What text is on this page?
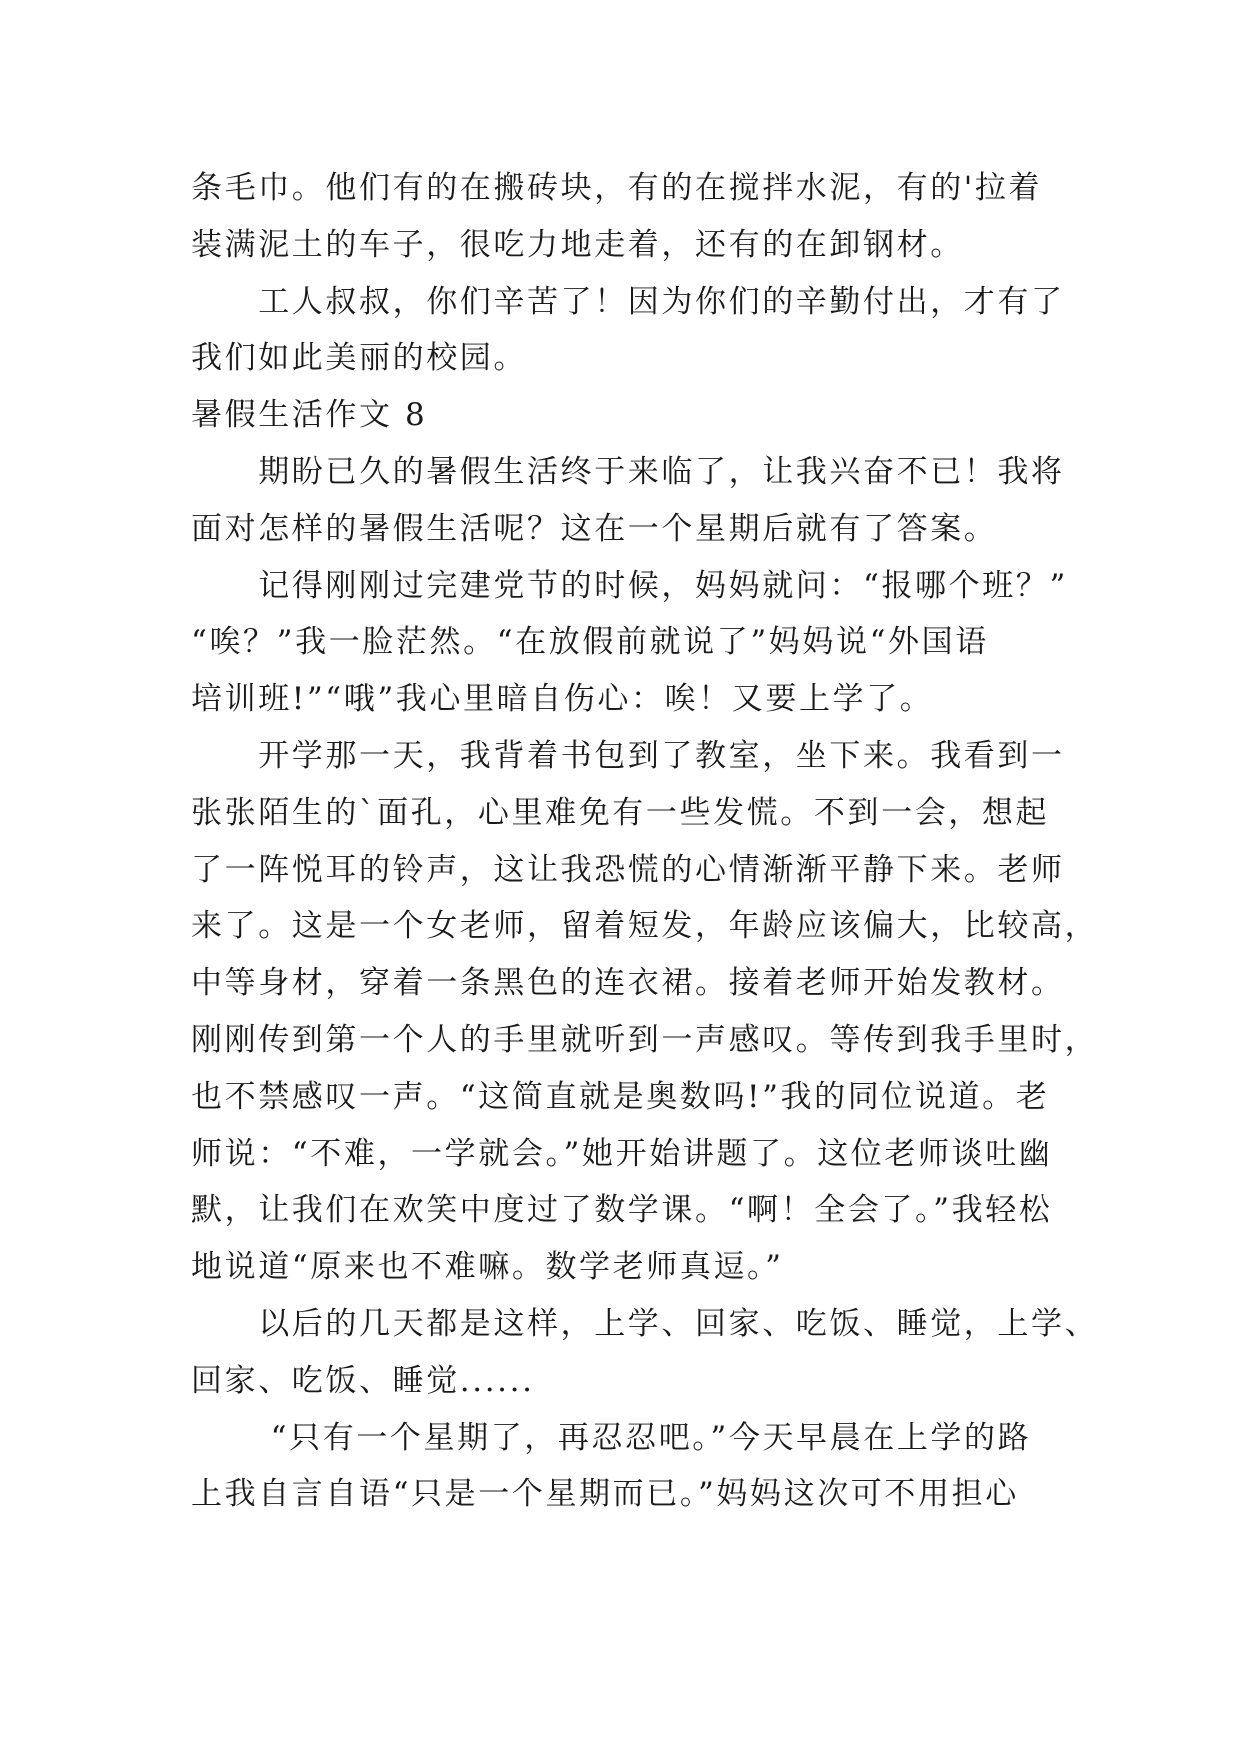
条毛巾。他们有的在搬砖块，有的在搅拌水泥，有的'拉着
装满泥土的车子，很吃力地走着，还有的在卸钢材。
　　工人叔叔，你们辛苦了！因为你们的辛勤付出，才有了
我们如此美丽的校园。
暑假生活作文 8
　　期盼已久的暑假生活终于来临了，让我兴奋不已！我将
面对怎样的暑假生活呢？这在一个星期后就有了答案。
　　记得刚刚过完建党节的时候，妈妈就问：“报哪个班？”
“唉？”我一脸茫然。“在放假前就说了”妈妈说“外国语
培训班!”“哦”我心里暗自伤心：唉！又要上学了。
　　开学那一天，我背着书包到了教室，坐下来。我看到一
张张陌生的`面孔，心里难免有一些发慌。不到一会，想起
了一阵悦耳的铃声，这让我恐慌的心情渐渐平静下来。老师
来了。这是一个女老师，留着短发，年龄应该偏大，比较高，
中等身材，穿着一条黑色的连衣裙。接着老师开始发教材。
刚刚传到第一个人的手里就听到一声感叹。等传到我手里时，
也不禁感叹一声。“这简直就是奥数吗!”我的同位说道。老
师说：“不难，一学就会。”她开始讲题了。这位老师谈吐幽
默，让我们在欢笑中度过了数学课。“啊！全会了。”我轻松
地说道“原来也不难嘛。数学老师真逗。”
　　以后的几天都是这样，上学、回家、吃饭、睡觉，上学、
回家、吃饭、睡觉......
　　 “只有一个星期了，再忍忍吧。”今天早晨在上学的路
上我自言自语“只是一个星期而已。”妈妈这次可不用担心
